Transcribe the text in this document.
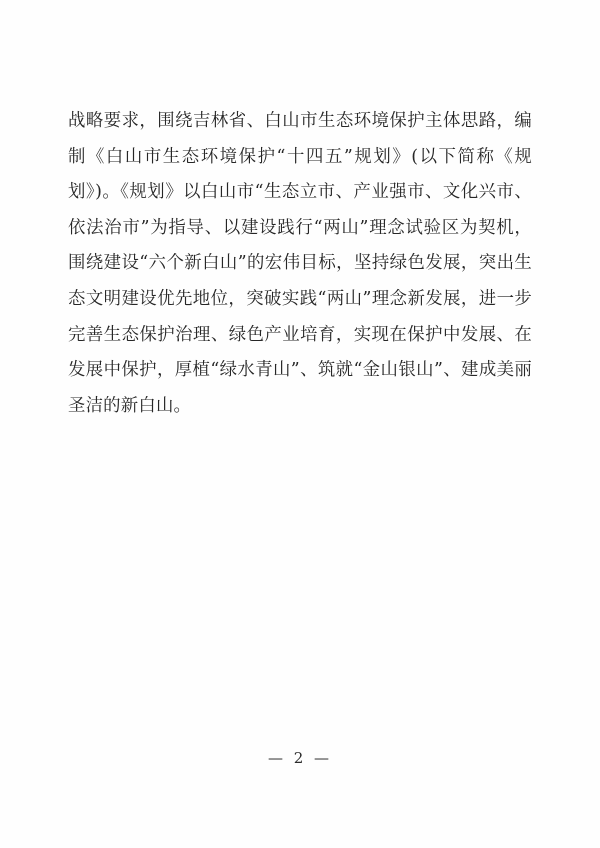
战略要求，围绕吉林省、白山市生态环境保护主体思路，编制《白山市生态环境保护“十四五”规划》(以下简称《规划》)。《规划》以白山市“生态立市、产业强市、文化兴市、依法治市”为指导、以建设践行“两山”理念试验区为契机，围绕建设“六个新白山”的宏伟目标，坚持绿色发展，突出生态文明建设优先地位，突破实践“两山”理念新发展，进一步完善生态保护治理、绿色产业培育，实现在保护中发展、在发展中保护，厚植“绿水青山”、筑就“金山银山”、建成美丽圣洁的新白山。

— 2 —
